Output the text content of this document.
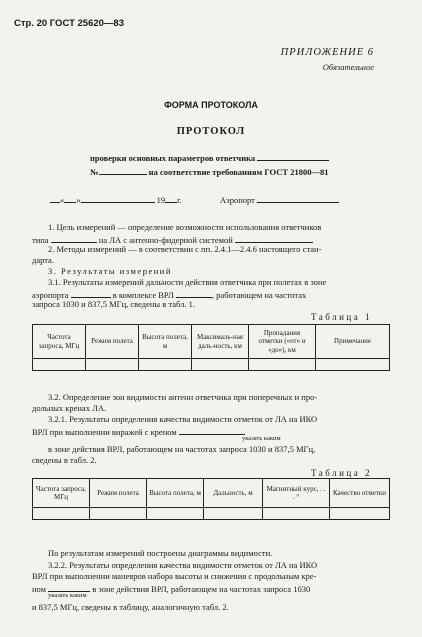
Стр. 20 ГОСТ 25620—83
ПРИЛОЖЕНИЕ 6
Обязательное
ФОРМА ПРОТОКОЛА
ПРОТОКОЛ
проверки основных параметров ответчика
№	на соответствие требованиям ГОСТ 21800—81
« »	19 г.	Аэропорт
1. Цель измерений — определение возможности использования ответчиков
типа	на ЛА с антенно-фидерной системой
2. Методы измерений — в соответствии с пп. 2.4.1—2.4.6 настоящего стан-
дарта.
3. Результаты измерений
3.1. Результаты измерений дальности действия ответчика при полетах в зоне
аэропорта	в комплексе ВРЛ	, работающем на частотах
запроса 1030 и 837,5 МГц, сведены в табл. 1.
Таблица 1
Частота запроса, МГц	Режим полета	Высота полета, м	Максималь-ная даль-ность, км	Пропадания отметки («от» и «до»), км	Примечание

3.2. Определение зон видимости антенн ответчика при поперечных и про-
дольных кренах ЛА.
3.2.1. Результаты определения качества видимости отметок от ЛА на ИКО
ВРЛ при выполнении виражей с креном
указать каким
в зоне действия ВРЛ, работающем на частотах запроса 1030 и 837,5 МГц,
сведены в табл. 2.
Таблица 2
Частота запроса, МГц	Режим полета	Высота полета, м	Дальность, м	Магнитный курс, . . . °	Качество отметки

По результатам измерений построены диаграммы видимости.
3.2.2. Результаты определения качества видимости отметок от ЛА на ИКО
ВРЛ при выполнении маневров набора высоты и снижения с продольным кре-
ном	в зоне действия ВРЛ, работающем на частотах запроса 1030
указать каким
и 837,5 МГц, сведены в таблицу, аналогичную табл. 2.
